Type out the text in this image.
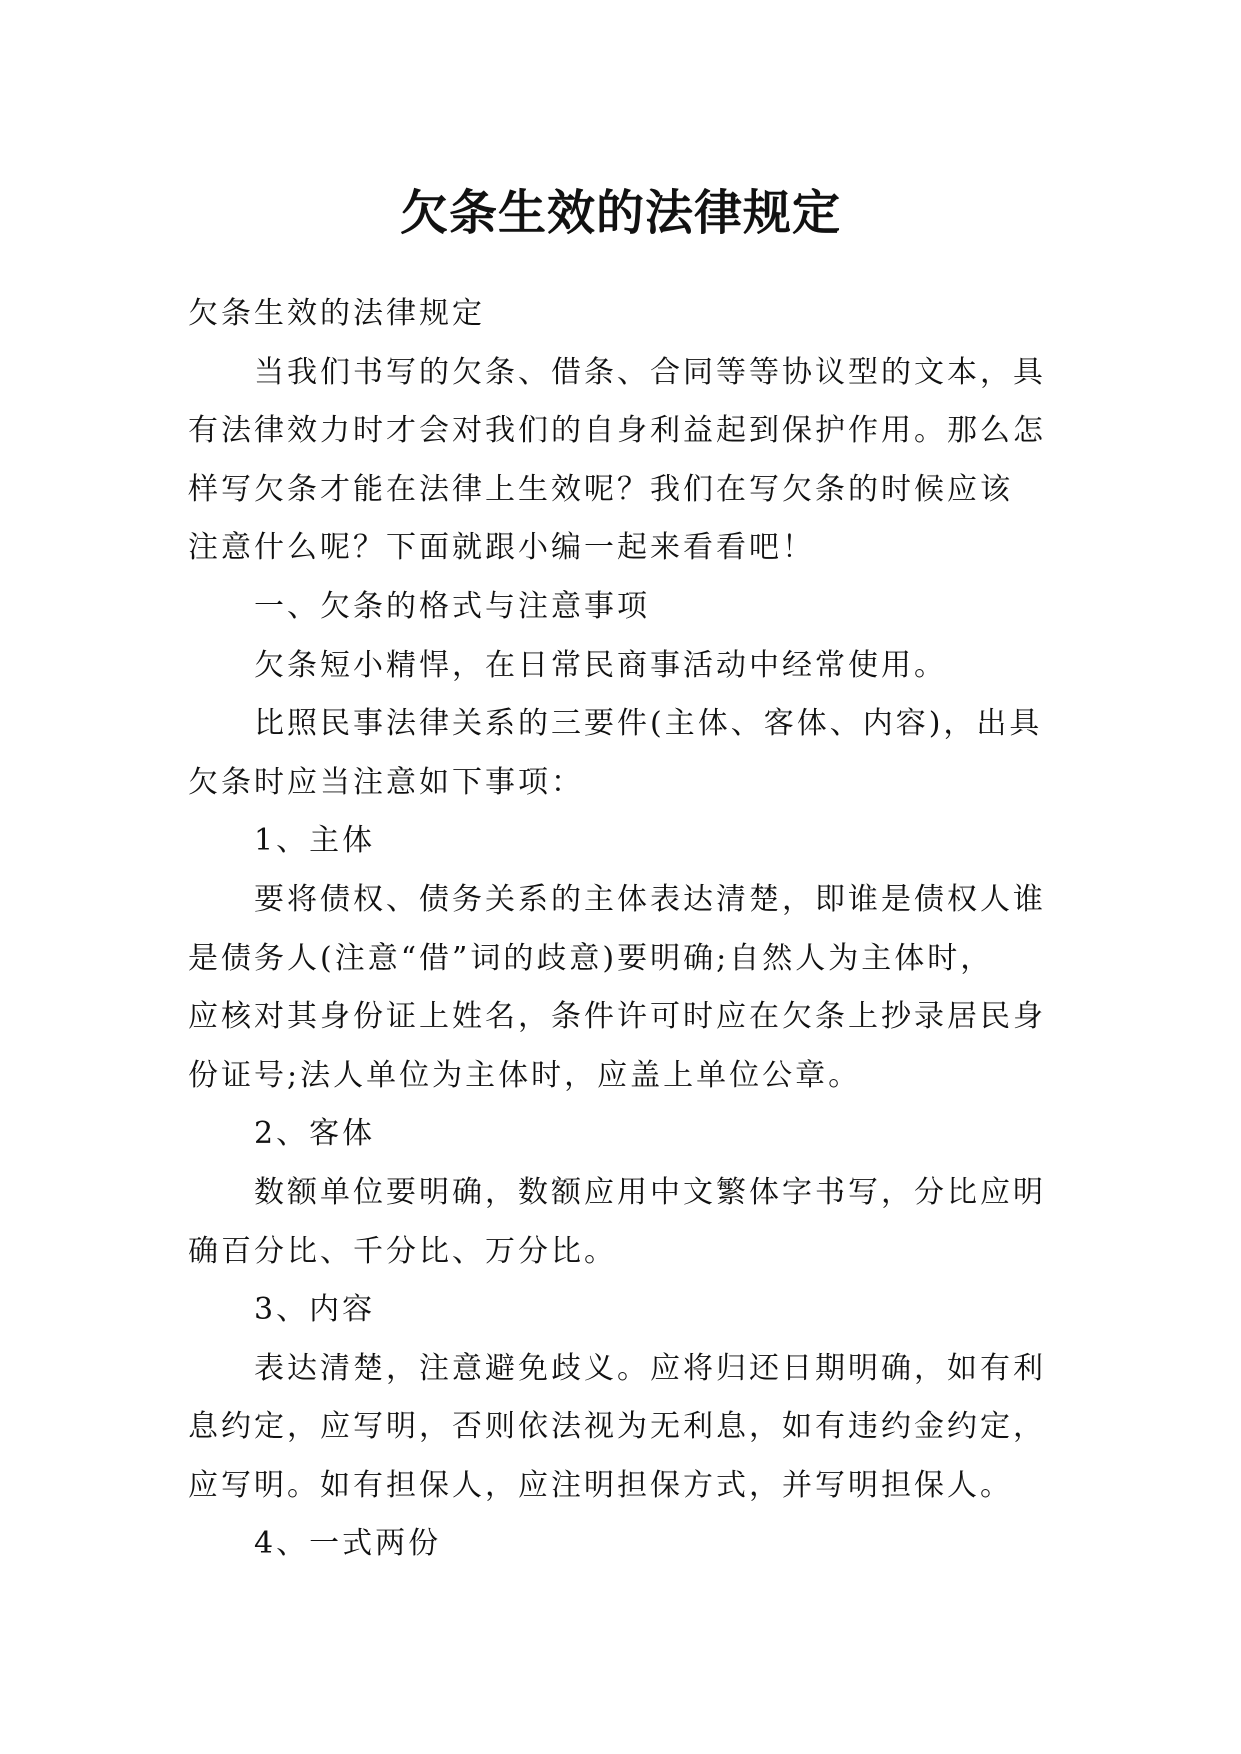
欠条生效的法律规定

欠条生效的法律规定

当我们书写的欠条、借条、合同等等协议型的文本，具

有法律效力时才会对我们的自身利益起到保护作用。那么怎

样写欠条才能在法律上生效呢？我们在写欠条的时候应该

注意什么呢？下面就跟小编一起来看看吧！

一、欠条的格式与注意事项

欠条短小精悍，在日常民商事活动中经常使用。

比照民事法律关系的三要件(主体、客体、内容)，出具

欠条时应当注意如下事项：

1、主体

要将债权、债务关系的主体表达清楚，即谁是债权人谁

是债务人(注意“借”词的歧意)要明确;自然人为主体时，

应核对其身份证上姓名，条件许可时应在欠条上抄录居民身

份证号;法人单位为主体时，应盖上单位公章。

2、客体

数额单位要明确，数额应用中文繁体字书写，分比应明

确百分比、千分比、万分比。

3、内容

表达清楚，注意避免歧义。应将归还日期明确，如有利

息约定，应写明，否则依法视为无利息，如有违约金约定，

应写明。如有担保人，应注明担保方式，并写明担保人。

4、一式两份
